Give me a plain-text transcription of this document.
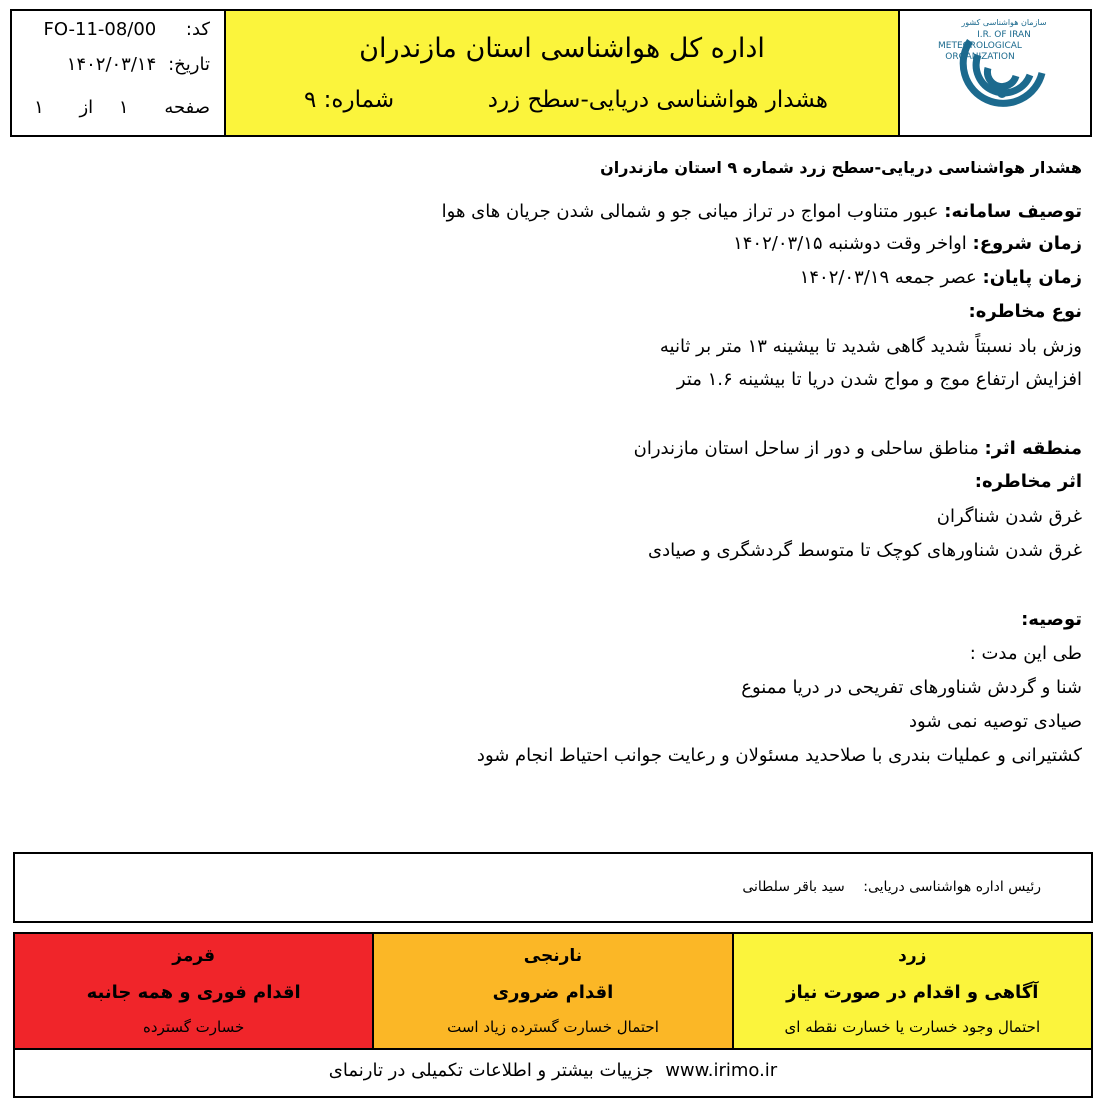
کد: FO-11-08/00
تاریخ: ۱۴۰۲/۰۳/۱۴
صفحه ۱ از ۱
اداره کل هواشناسی استان مازندران
هشدار هواشناسی دریایی-سطح زرد
شماره: ۹
سازمان هواشناسی کشور
I.R. OF IRAN
METEOROLOGICAL
ORGANIZATION
هشدار هواشناسی دریایی-سطح زرد شماره ۹ استان مازندران
توصیف سامانه: عبور متناوب امواج در تراز میانی جو و شمالی شدن جریان های هوا
زمان شروع: اواخر وقت دوشنبه ۱۴۰۲/۰۳/۱۵
زمان پایان: عصر جمعه ۱۴۰۲/۰۳/۱۹
نوع مخاطره:
وزش باد نسبتاً شدید گاهی شدید تا بیشینه ۱۳ متر بر ثانیه
افزایش ارتفاع موج و مواج شدن دریا تا بیشینه ۱.۶ متر
منطقه اثر: مناطق ساحلی و دور از ساحل استان مازندران
اثر مخاطره:
غرق شدن شناگران
غرق شدن شناورهای کوچک تا متوسط گردشگری و صیادی
توصیه:
طی این مدت :
شنا و گردش شناورهای تفریحی در دریا ممنوع
صیادی توصیه نمی شود
کشتیرانی و عملیات بندری با صلاحدید مسئولان و رعایت جوانب احتیاط انجام شود
رئیس اداره هواشناسی دریایی: سید باقر سلطانی
قرمز
اقدام فوری و همه جانبه
خسارت گسترده
نارنجی
اقدام ضروری
احتمال خسارت گسترده زیاد است
زرد
آگاهی و اقدام در صورت نیاز
احتمال وجود خسارت یا خسارت نقطه ای
جزییات بیشتر و اطلاعات تکمیلی در تارنمای www.irimo.ir
